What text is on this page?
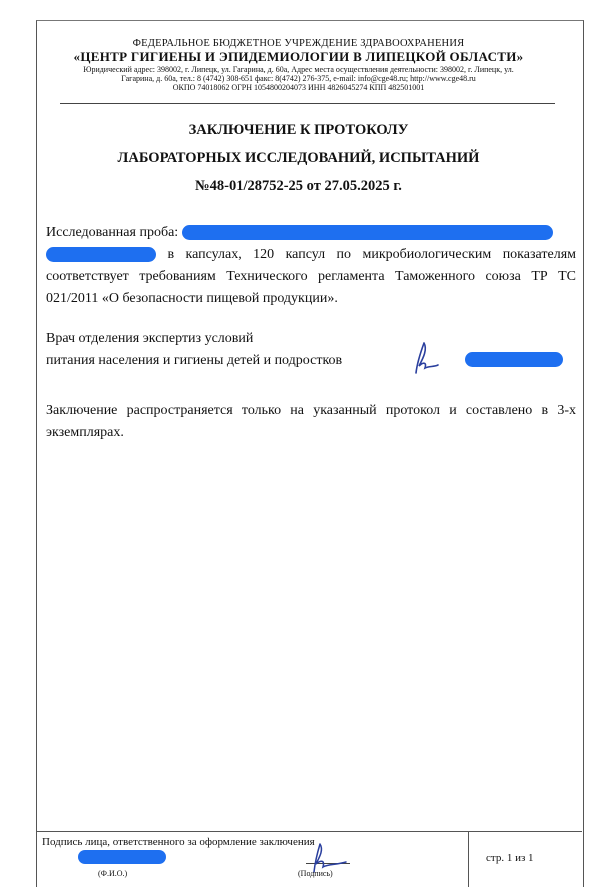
ФЕДЕРАЛЬНОЕ БЮДЖЕТНОЕ УЧРЕЖДЕНИЕ ЗДРАВООХРАНЕНИЯ
«ЦЕНТР ГИГИЕНЫ И ЭПИДЕМИОЛОГИИ В ЛИПЕЦКОЙ ОБЛАСТИ»
Юридический адрес: 398002, г. Липецк, ул. Гагарина, д. 60а, Адрес места осуществления деятельности: 398002, г. Липецк, ул.
Гагарина, д. 60а, тел.: 8 (4742) 308-651 факс: 8(4742) 276-375, e-mail: info@cge48.ru; http://www.cge48.ru
ОКПО 74018062 ОГРН 1054800204073 ИНН 4826045274 КПП 482501001
ЗАКЛЮЧЕНИЕ К ПРОТОКОЛУ
ЛАБОРАТОРНЫХ ИССЛЕДОВАНИЙ, ИСПЫТАНИЙ
№48-01/28752-25 от 27.05.2025 г.
Исследованная проба:
в капсулах, 120 капсул по микробиологическим показателям соответствует требованиям Технического регламента Таможенного союза ТР ТС 021/2011 «О безопасности пищевой продукции».
Врач отделения экспертиз условий
питания населения и гигиены детей и подростков
Заключение распространяется только на указанный протокол и составлено в 3-х экземплярах.
Подпись лица, ответственного за оформление заключения
(Ф.И.О.)	(Подпись)
стр. 1 из 1
